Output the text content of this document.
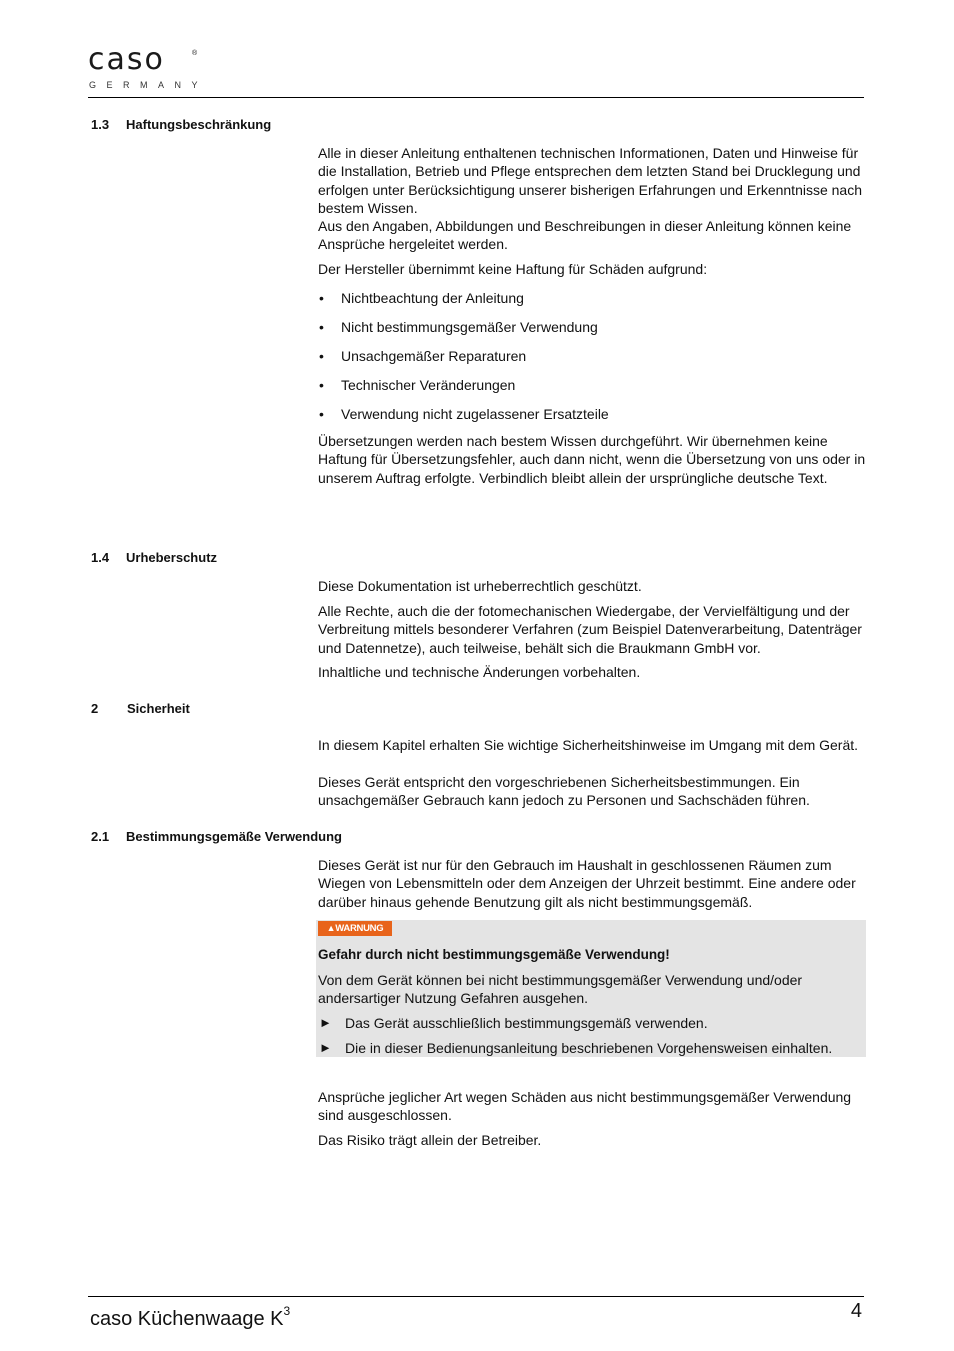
caso	®
GERMANY
1.3 Haftungsbeschränkung
Alle in dieser Anleitung enthaltenen technischen Informationen, Daten und Hinweise für die Installation, Betrieb und Pflege entsprechen dem letzten Stand bei Drucklegung und erfolgen unter Berücksichtigung unserer bisherigen Erfahrungen und Erkenntnisse nach bestem Wissen.
Aus den Angaben, Abbildungen und Beschreibungen in dieser Anleitung können keine Ansprüche hergeleitet werden.
Der Hersteller übernimmt keine Haftung für Schäden aufgrund:
• Nichtbeachtung der Anleitung
• Nicht bestimmungsgemäßer Verwendung
• Unsachgemäßer Reparaturen
• Technischer Veränderungen
• Verwendung nicht zugelassener Ersatzteile
Übersetzungen werden nach bestem Wissen durchgeführt. Wir übernehmen keine Haftung für Übersetzungsfehler, auch dann nicht, wenn die Übersetzung von uns oder in unserem Auftrag erfolgte. Verbindlich bleibt allein der ursprüngliche deutsche Text.
1.4 Urheberschutz
Diese Dokumentation ist urheberrechtlich geschützt.
Alle Rechte, auch die der fotomechanischen Wiedergabe, der Vervielfältigung und der Verbreitung mittels besonderer Verfahren (zum Beispiel Datenverarbeitung, Datenträger und Datennetze), auch teilweise, behält sich die Braukmann GmbH vor.
Inhaltliche und technische Änderungen vorbehalten.
2 Sicherheit
In diesem Kapitel erhalten Sie wichtige Sicherheitshinweise im Umgang mit dem Gerät.
Dieses Gerät entspricht den vorgeschriebenen Sicherheitsbestimmungen. Ein unsachgemäßer Gebrauch kann jedoch zu Personen und Sachschäden führen.
2.1 Bestimmungsgemäße Verwendung
Dieses Gerät ist nur für den Gebrauch im Haushalt in geschlossenen Räumen zum Wiegen von Lebensmitteln oder dem Anzeigen der Uhrzeit bestimmt. Eine andere oder darüber hinaus gehende Benutzung gilt als nicht bestimmungsgemäß.
▲WARNUNG
Gefahr durch nicht bestimmungsgemäße Verwendung!
Von dem Gerät können bei nicht bestimmungsgemäßer Verwendung und/oder andersartiger Nutzung Gefahren ausgehen.
► Das Gerät ausschließlich bestimmungsgemäß verwenden.
► Die in dieser Bedienungsanleitung beschriebenen Vorgehensweisen einhalten.
Ansprüche jeglicher Art wegen Schäden aus nicht bestimmungsgemäßer Verwendung sind ausgeschlossen.
Das Risiko trägt allein der Betreiber.
caso Küchenwaage $K^3$	4
